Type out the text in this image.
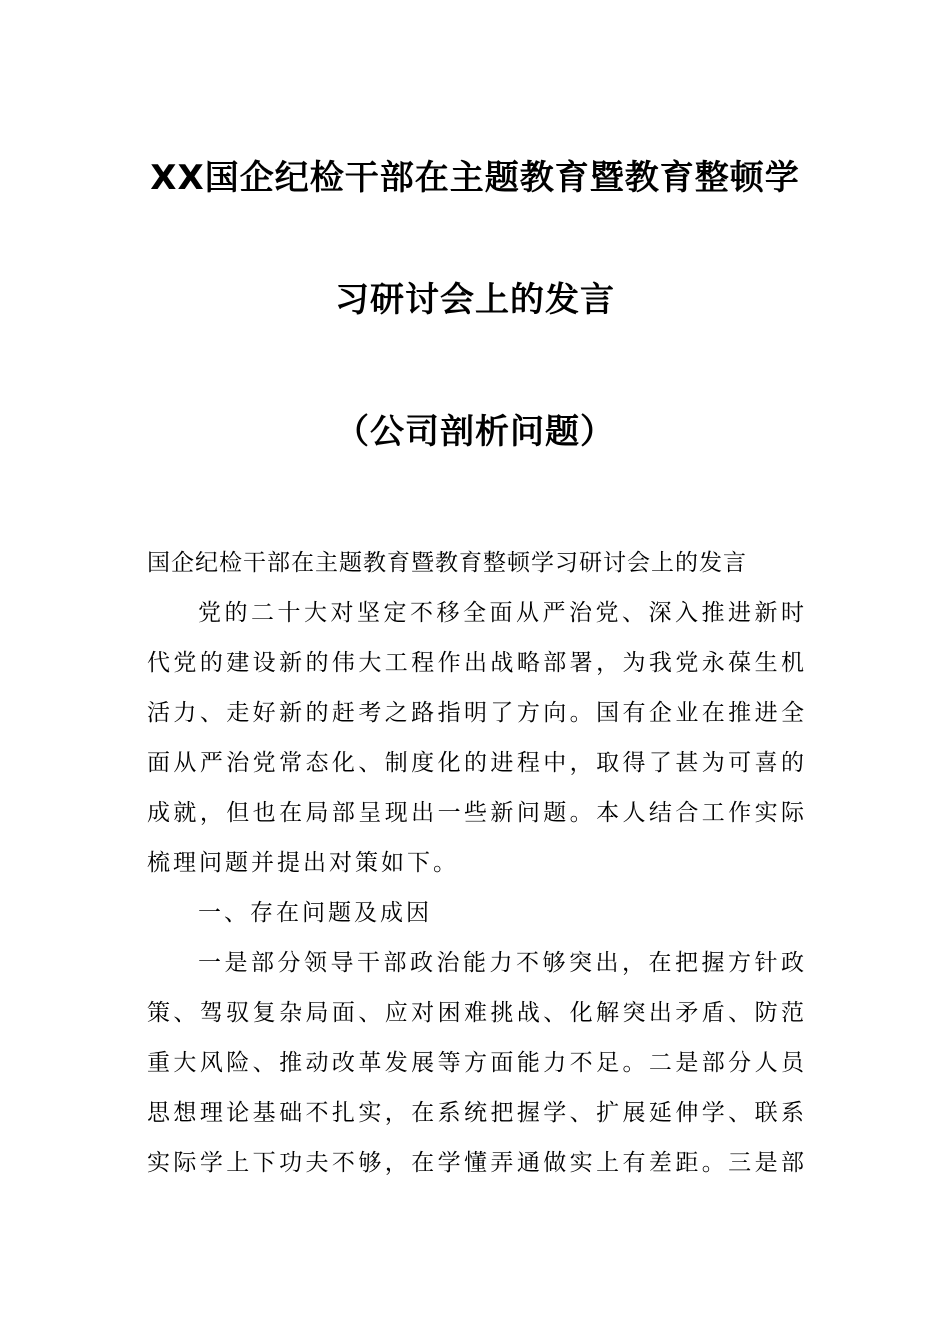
XX国企纪检干部在主题教育暨教育整顿学
习研讨会上的发言
（公司剖析问题）
国企纪检干部在主题教育暨教育整顿学习研讨会上的发言
党的二十大对坚定不移全面从严治党、深入推进新时
代党的建设新的伟大工程作出战略部署，为我党永葆生机
活力、走好新的赶考之路指明了方向。国有企业在推进全
面从严治党常态化、制度化的进程中，取得了甚为可喜的
成就，但也在局部呈现出一些新问题。本人结合工作实际
梳理问题并提出对策如下。
一、存在问题及成因
一是部分领导干部政治能力不够突出，在把握方针政
策、驾驭复杂局面、应对困难挑战、化解突出矛盾、防范
重大风险、推动改革发展等方面能力不足。二是部分人员
思想理论基础不扎实，在系统把握学、扩展延伸学、联系
实际学上下功夫不够，在学懂弄通做实上有差距。三是部
